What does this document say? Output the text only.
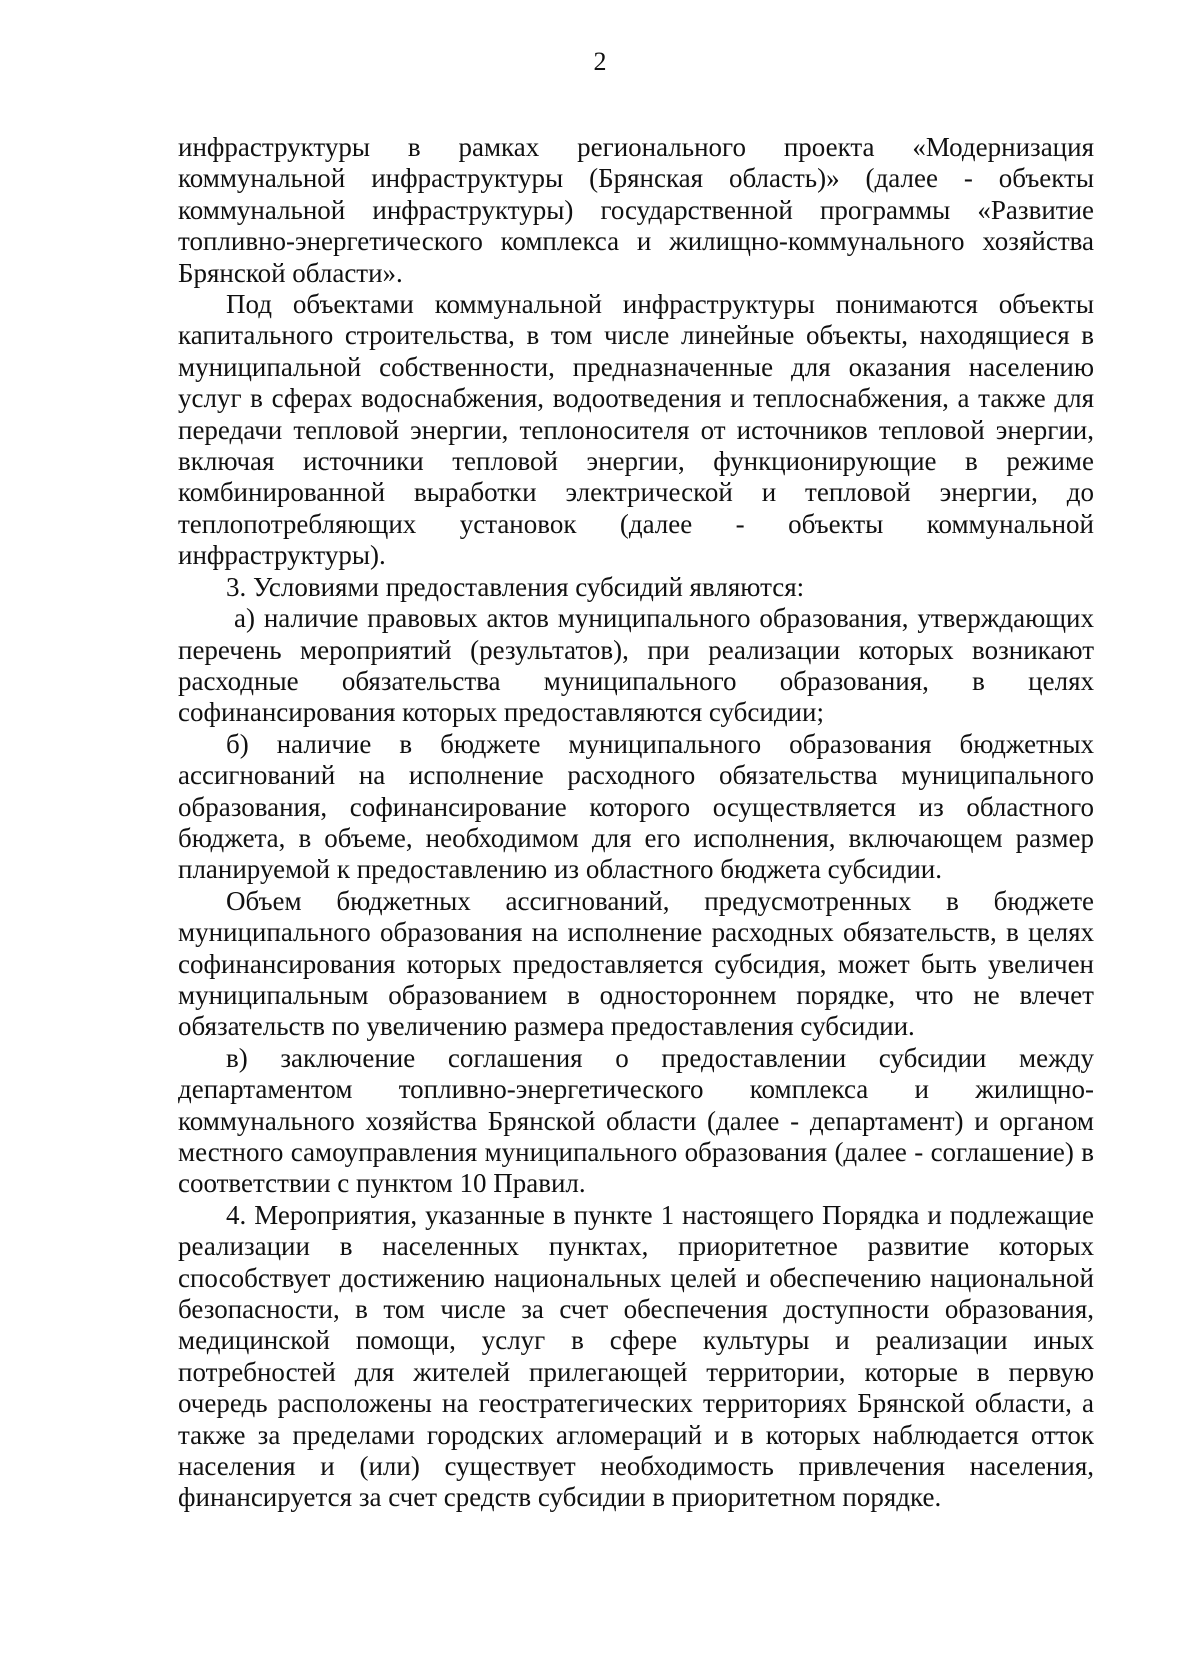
2

инфраструктуры в рамках регионального проекта «Модернизация коммунальной инфраструктуры (Брянская область)» (далее - объекты коммунальной инфраструктуры) государственной программы «Развитие топливно-энергетического комплекса и жилищно-коммунального хозяйства Брянской области».

Под объектами коммунальной инфраструктуры понимаются объекты капитального строительства, в том числе линейные объекты, находящиеся в муниципальной собственности, предназначенные для оказания населению услуг в сферах водоснабжения, водоотведения и теплоснабжения, а также для передачи тепловой энергии, теплоносителя от источников тепловой энергии, включая источники тепловой энергии, функционирующие в режиме комбинированной выработки электрической и тепловой энергии, до теплопотребляющих установок (далее - объекты коммунальной инфраструктуры).

3. Условиями предоставления субсидий являются:

а) наличие правовых актов муниципального образования, утверждающих перечень мероприятий (результатов), при реализации которых возникают расходные обязательства муниципального образования, в целях софинансирования которых предоставляются субсидии;

б) наличие в бюджете муниципального образования бюджетных ассигнований на исполнение расходного обязательства муниципального образования, софинансирование которого осуществляется из областного бюджета, в объеме, необходимом для его исполнения, включающем размер планируемой к предоставлению из областного бюджета субсидии.

Объем бюджетных ассигнований, предусмотренных в бюджете муниципального образования на исполнение расходных обязательств, в целях софинансирования которых предоставляется субсидия, может быть увеличен муниципальным образованием в одностороннем порядке, что не влечет обязательств по увеличению размера предоставления субсидии.

в) заключение соглашения о предоставлении субсидии между департаментом топливно-энергетического комплекса и жилищно-коммунального хозяйства Брянской области (далее - департамент) и органом местного самоуправления муниципального образования (далее - соглашение) в соответствии с пунктом 10 Правил.

4. Мероприятия, указанные в пункте 1 настоящего Порядка и подлежащие реализации в населенных пунктах, приоритетное развитие которых способствует достижению национальных целей и обеспечению национальной безопасности, в том числе за счет обеспечения доступности образования, медицинской помощи, услуг в сфере культуры и реализации иных потребностей для жителей прилегающей территории, которые в первую очередь расположены на геостратегических территориях Брянской области, а также за пределами городских агломераций и в которых наблюдается отток населения и (или) существует необходимость привлечения населения, финансируется за счет средств субсидии в приоритетном порядке.
